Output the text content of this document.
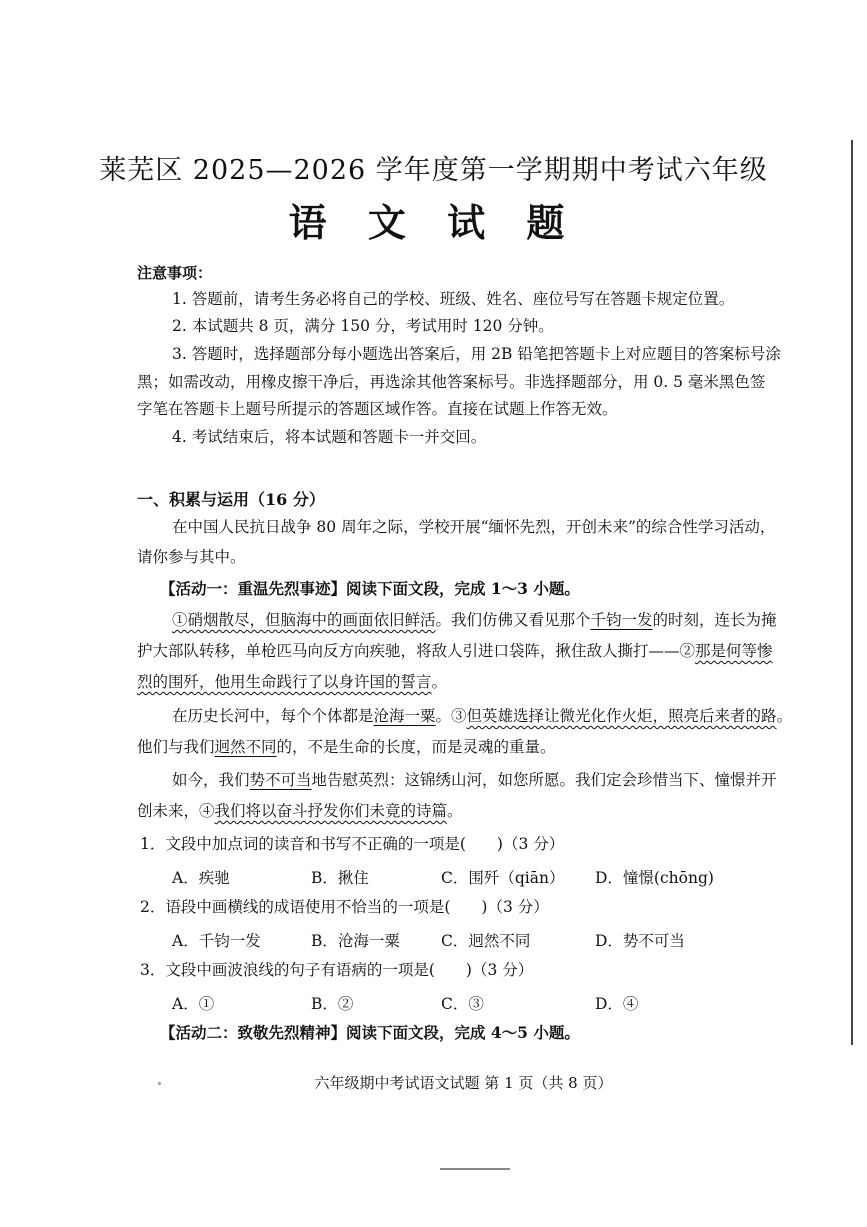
莱芜区 2025—2026 学年度第一学期期中考试六年级
语 文 试 题
注意事项：
1. 答题前，请考生务必将自己的学校、班级、姓名、座位号写在答题卡规定位置。
2. 本试题共 8 页，满分 150 分，考试用时 120 分钟。
3. 答题时，选择题部分每小题选出答案后，用 2B 铅笔把答题卡上对应题目的答案标号涂
黑；如需改动，用橡皮擦干净后，再选涂其他答案标号。非选择题部分，用 0. 5 毫米黑色签
字笔在答题卡上题号所提示的答题区域作答。直接在试题上作答无效。
4. 考试结束后，将本试题和答题卡一并交回。
一、积累与运用（16 分）
在中国人民抗日战争 80 周年之际，学校开展“缅怀先烈，开创未来”的综合性学习活动，
请你参与其中。
【活动一：重温先烈事迹】阅读下面文段，完成 1～3 小题。
①硝烟散尽，但脑海中的画面依旧鲜活。我们仿佛又看见那个千钧一发的时刻，连长为掩
护大部队转移，单枪匹马向反方向疾驰，将敌人引进口袋阵，揪住敌人撕打——②那是何等惨
烈的围歼，他用生命践行了以身许国的誓言。
在历史长河中，每个个体都是沧海一粟。③但英雄选择让微光化作火炬，照亮后来者的路。
他们与我们迥然不同的，不是生命的长度，而是灵魂的重量。
如今，我们势不可当地告慰英烈：这锦绣山河，如您所愿。我们定会珍惜当下、憧憬并开
创未来，④我们将以奋斗抒发你们未竟的诗篇。
1．文段中加点词的读音和书写不正确的一项是(　　)（3 分）
A．疾驰	B．揪住	C．围歼（qiān） D．憧憬(chōng)
2．语段中画横线的成语使用不恰当的一项是(　　)（3 分）
A．千钧一发	B．沧海一粟	C．迥然不同	D．势不可当
3．文段中画波浪线的句子有语病的一项是(　　)（3 分）
A．①	B．②	C．③	D．④
【活动二：致敬先烈精神】阅读下面文段，完成 4～5 小题。
六年级期中考试语文试题 第 1 页（共 8 页）
